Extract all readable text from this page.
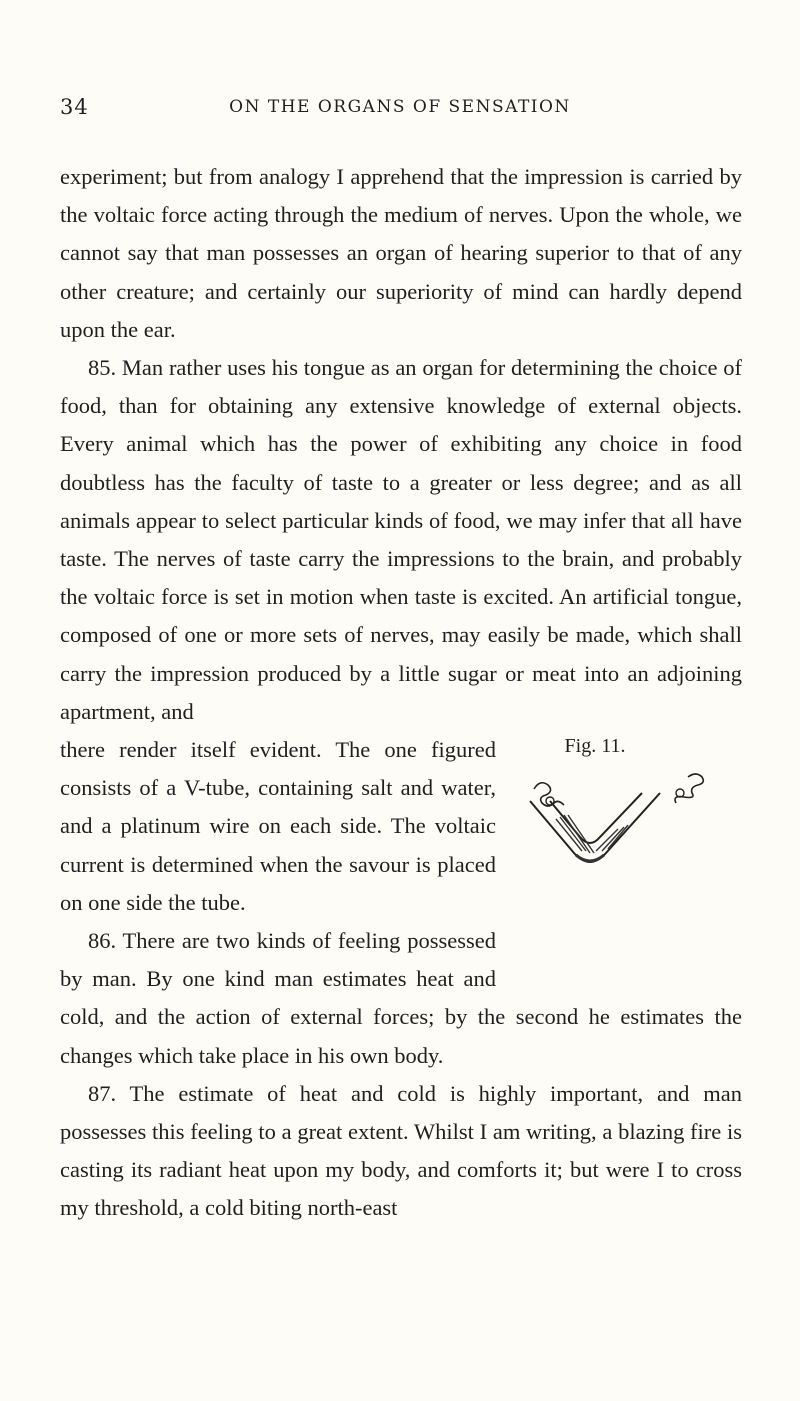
34	ON THE ORGANS OF SENSATION

experiment; but from analogy I apprehend that the impression is carried by the voltaic force acting through the medium of nerves. Upon the whole, we cannot say that man possesses an organ of hearing superior to that of any other creature; and certainly our superiority of mind can hardly depend upon the ear.

85. Man rather uses his tongue as an organ for determining the choice of food, than for obtaining any extensive knowledge of external objects. Every animal which has the power of exhibiting any choice in food doubtless has the faculty of taste to a greater or less degree; and as all animals appear to select particular kinds of food, we may infer that all have taste. The nerves of taste carry the impressions to the brain, and probably the voltaic force is set in motion when taste is excited. An artificial tongue, composed of one or more sets of nerves, may easily be made, which shall carry the impression produced by a little sugar or meat into an adjoining apartment, and

Fig. 11.

there render itself evident. The one figured consists of a V-tube, containing salt and water, and a platinum wire on each side. The voltaic current is determined when the savour is placed on one side the tube.

86. There are two kinds of feeling possessed by man. By one kind man estimates heat and cold, and the action of external forces; by the second he estimates the changes which take place in his own body.

87. The estimate of heat and cold is highly important, and man possesses this feeling to a great extent. Whilst I am writing, a blazing fire is casting its radiant heat upon my body, and comforts it; but were I to cross my threshold, a cold biting north-east
